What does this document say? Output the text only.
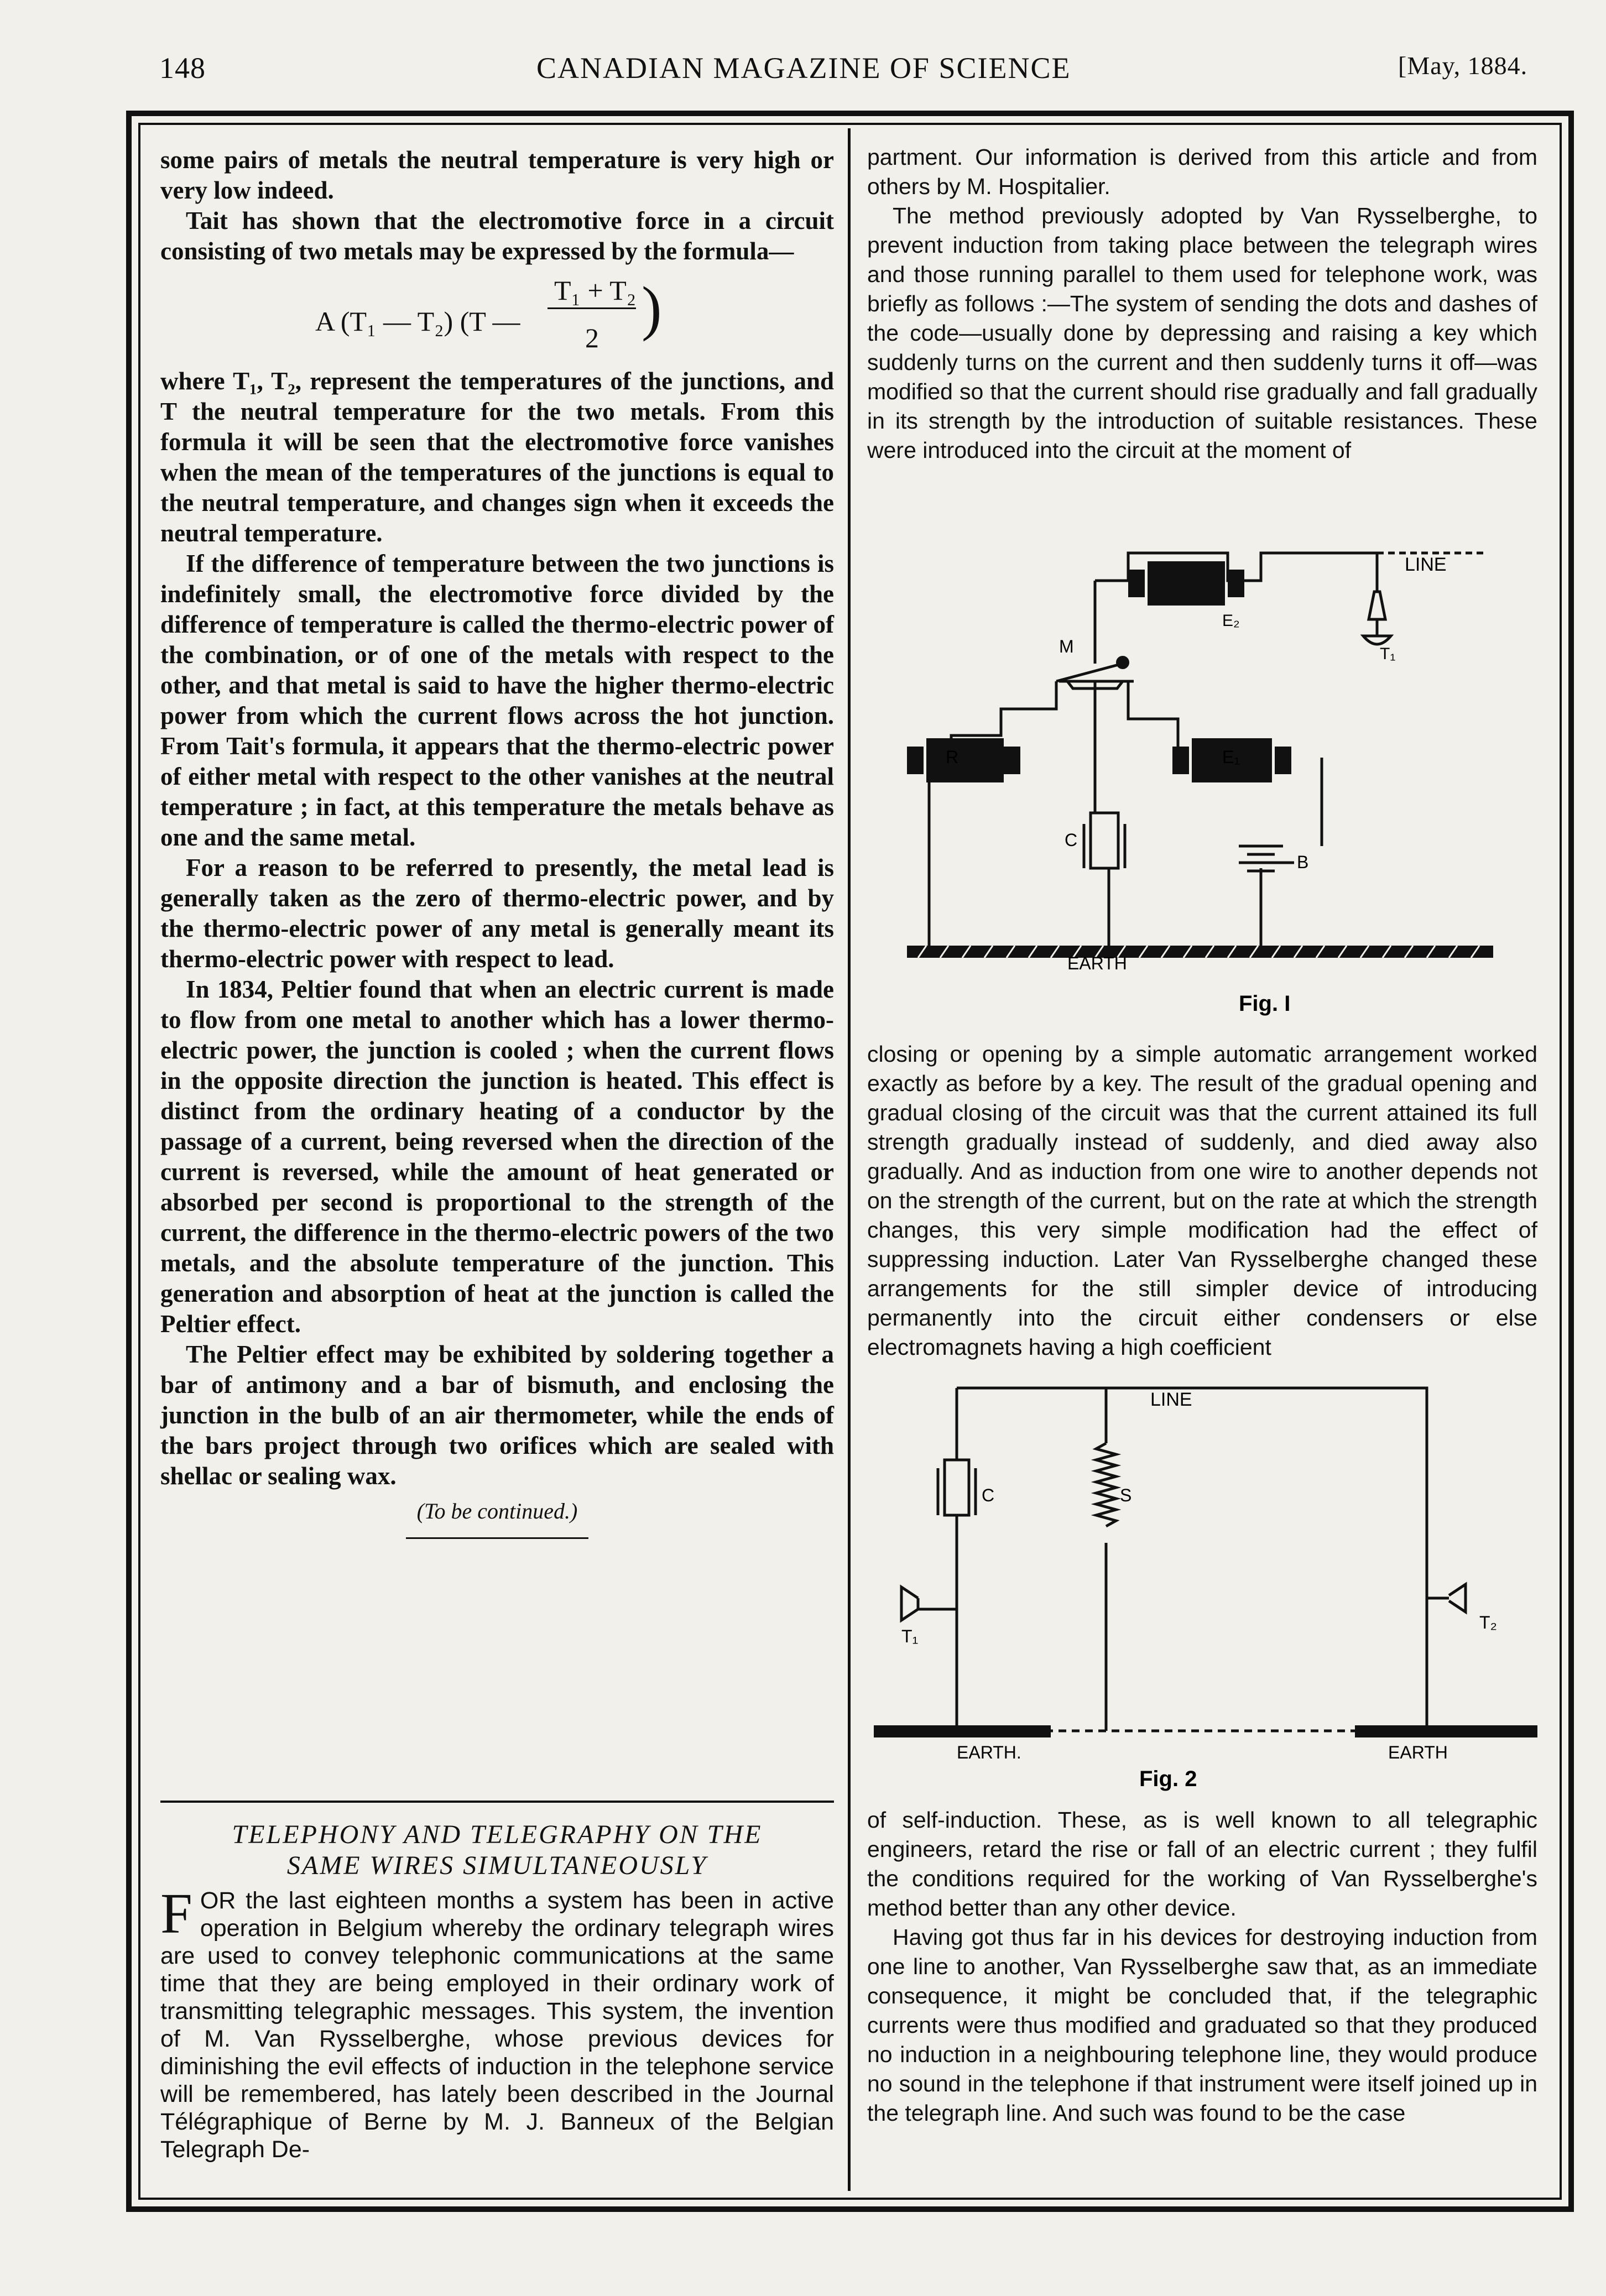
148	CANADIAN MAGAZINE OF SCIENCE	[May, 1884.

some pairs of metals the neutral temperature is very high or very low indeed.

Tait has shown that the electromotive force in a circuit consisting of two metals may be expressed by the formula—

A (T₁ — T₂) (T —
T₁ + T₂
2 )

where T₁, T₂, represent the temperatures of the junctions, and T the neutral temperature for the two metals. From this formula it will be seen that the electromotive force vanishes when the mean of the temperatures of the junctions is equal to the neutral temperature, and changes sign when it exceeds the neutral temperature.

If the difference of temperature between the two junctions is indefinitely small, the electromotive force divided by the difference of temperature is called the thermo-electric power of the combination, or of one of the metals with respect to the other, and that metal is said to have the higher thermo-electric power from which the current flows across the hot junction. From Tait's formula, it appears that the thermo-electric power of either metal with respect to the other vanishes at the neutral temperature ; in fact, at this temperature the metals behave as one and the same metal.

For a reason to be referred to presently, the metal lead is generally taken as the zero of thermo-electric power, and by the thermo-electric power of any metal is generally meant its thermo-electric power with respect to lead.

In 1834, Peltier found that when an electric current is made to flow from one metal to another which has a lower thermo-electric power, the junction is cooled ; when the current flows in the opposite direction the junction is heated. This effect is distinct from the ordinary heating of a conductor by the passage of a current, being reversed when the direction of the current is reversed, while the amount of heat generated or absorbed per second is proportional to the strength of the current, the difference in the thermo-electric powers of the two metals, and the absolute temperature of the junction. This generation and absorption of heat at the junction is called the Peltier effect.

The Peltier effect may be exhibited by soldering together a bar of antimony and a bar of bismuth, and enclosing the junction in the bulb of an air thermometer, while the ends of the bars project through two orifices which are sealed with shellac or sealing wax.

(To be continued.)
TELEPHONY AND TELEGRAPHY ON THE
SAME WIRES SIMULTANEOUSLY
F OR the last eighteen months a system has been in active operation in Belgium whereby the ordinary telegraph wires are used to convey telephonic communications at the same time that they are being employed in their ordinary work of transmitting telegraphic messages. This system, the invention of M. Van Rysselberghe, whose previous devices for diminishing the evil effects of induction in the telephone service will be remembered, has lately been described in the Journal Télégraphique of Berne by M. J. Banneux of the Belgian Telegraph De-

partment. Our information is derived from this article and from others by M. Hospitalier.

The method previously adopted by Van Rysselberghe, to prevent induction from taking place between the telegraph wires and those running parallel to them used for telephone work, was briefly as follows :—The system of sending the dots and dashes of the code—usually done by depressing and raising a key which suddenly turns on the current and then suddenly turns it off—was modified so that the current should rise gradually and fall gradually in its strength by the introduction of suitable resistances. These were introduced into the circuit at the moment of

LINE
E₂
T₁
M
R	E₁
C
B
EARTH
Fig. I

closing or opening by a simple automatic arrangement worked exactly as before by a key. The result of the gradual opening and gradual closing of the circuit was that the current attained its full strength gradually instead of suddenly, and died away also gradually. And as induction from one wire to another depends not on the strength of the current, but on the rate at which the strength changes, this very simple modification had the effect of suppressing induction. Later Van Rysselberghe changed these arrangements for the still simpler device of introducing permanently into the circuit either condensers or else electromagnets having a high coefficient

LINE
C	S
T₁
T₂
EARTH.	EARTH
Fig. 2

of self-induction. These, as is well known to all telegraphic engineers, retard the rise or fall of an electric current ; they fulfil the conditions required for the working of Van Rysselberghe's method better than any other device.

Having got thus far in his devices for destroying induction from one line to another, Van Rysselberghe saw that, as an immediate consequence, it might be concluded that, if the telegraphic currents were thus modified and graduated so that they produced no induction in a neighbouring telephone line, they would produce no sound in the telephone if that instrument were itself joined up in the telegraph line. And such was found to be the case
